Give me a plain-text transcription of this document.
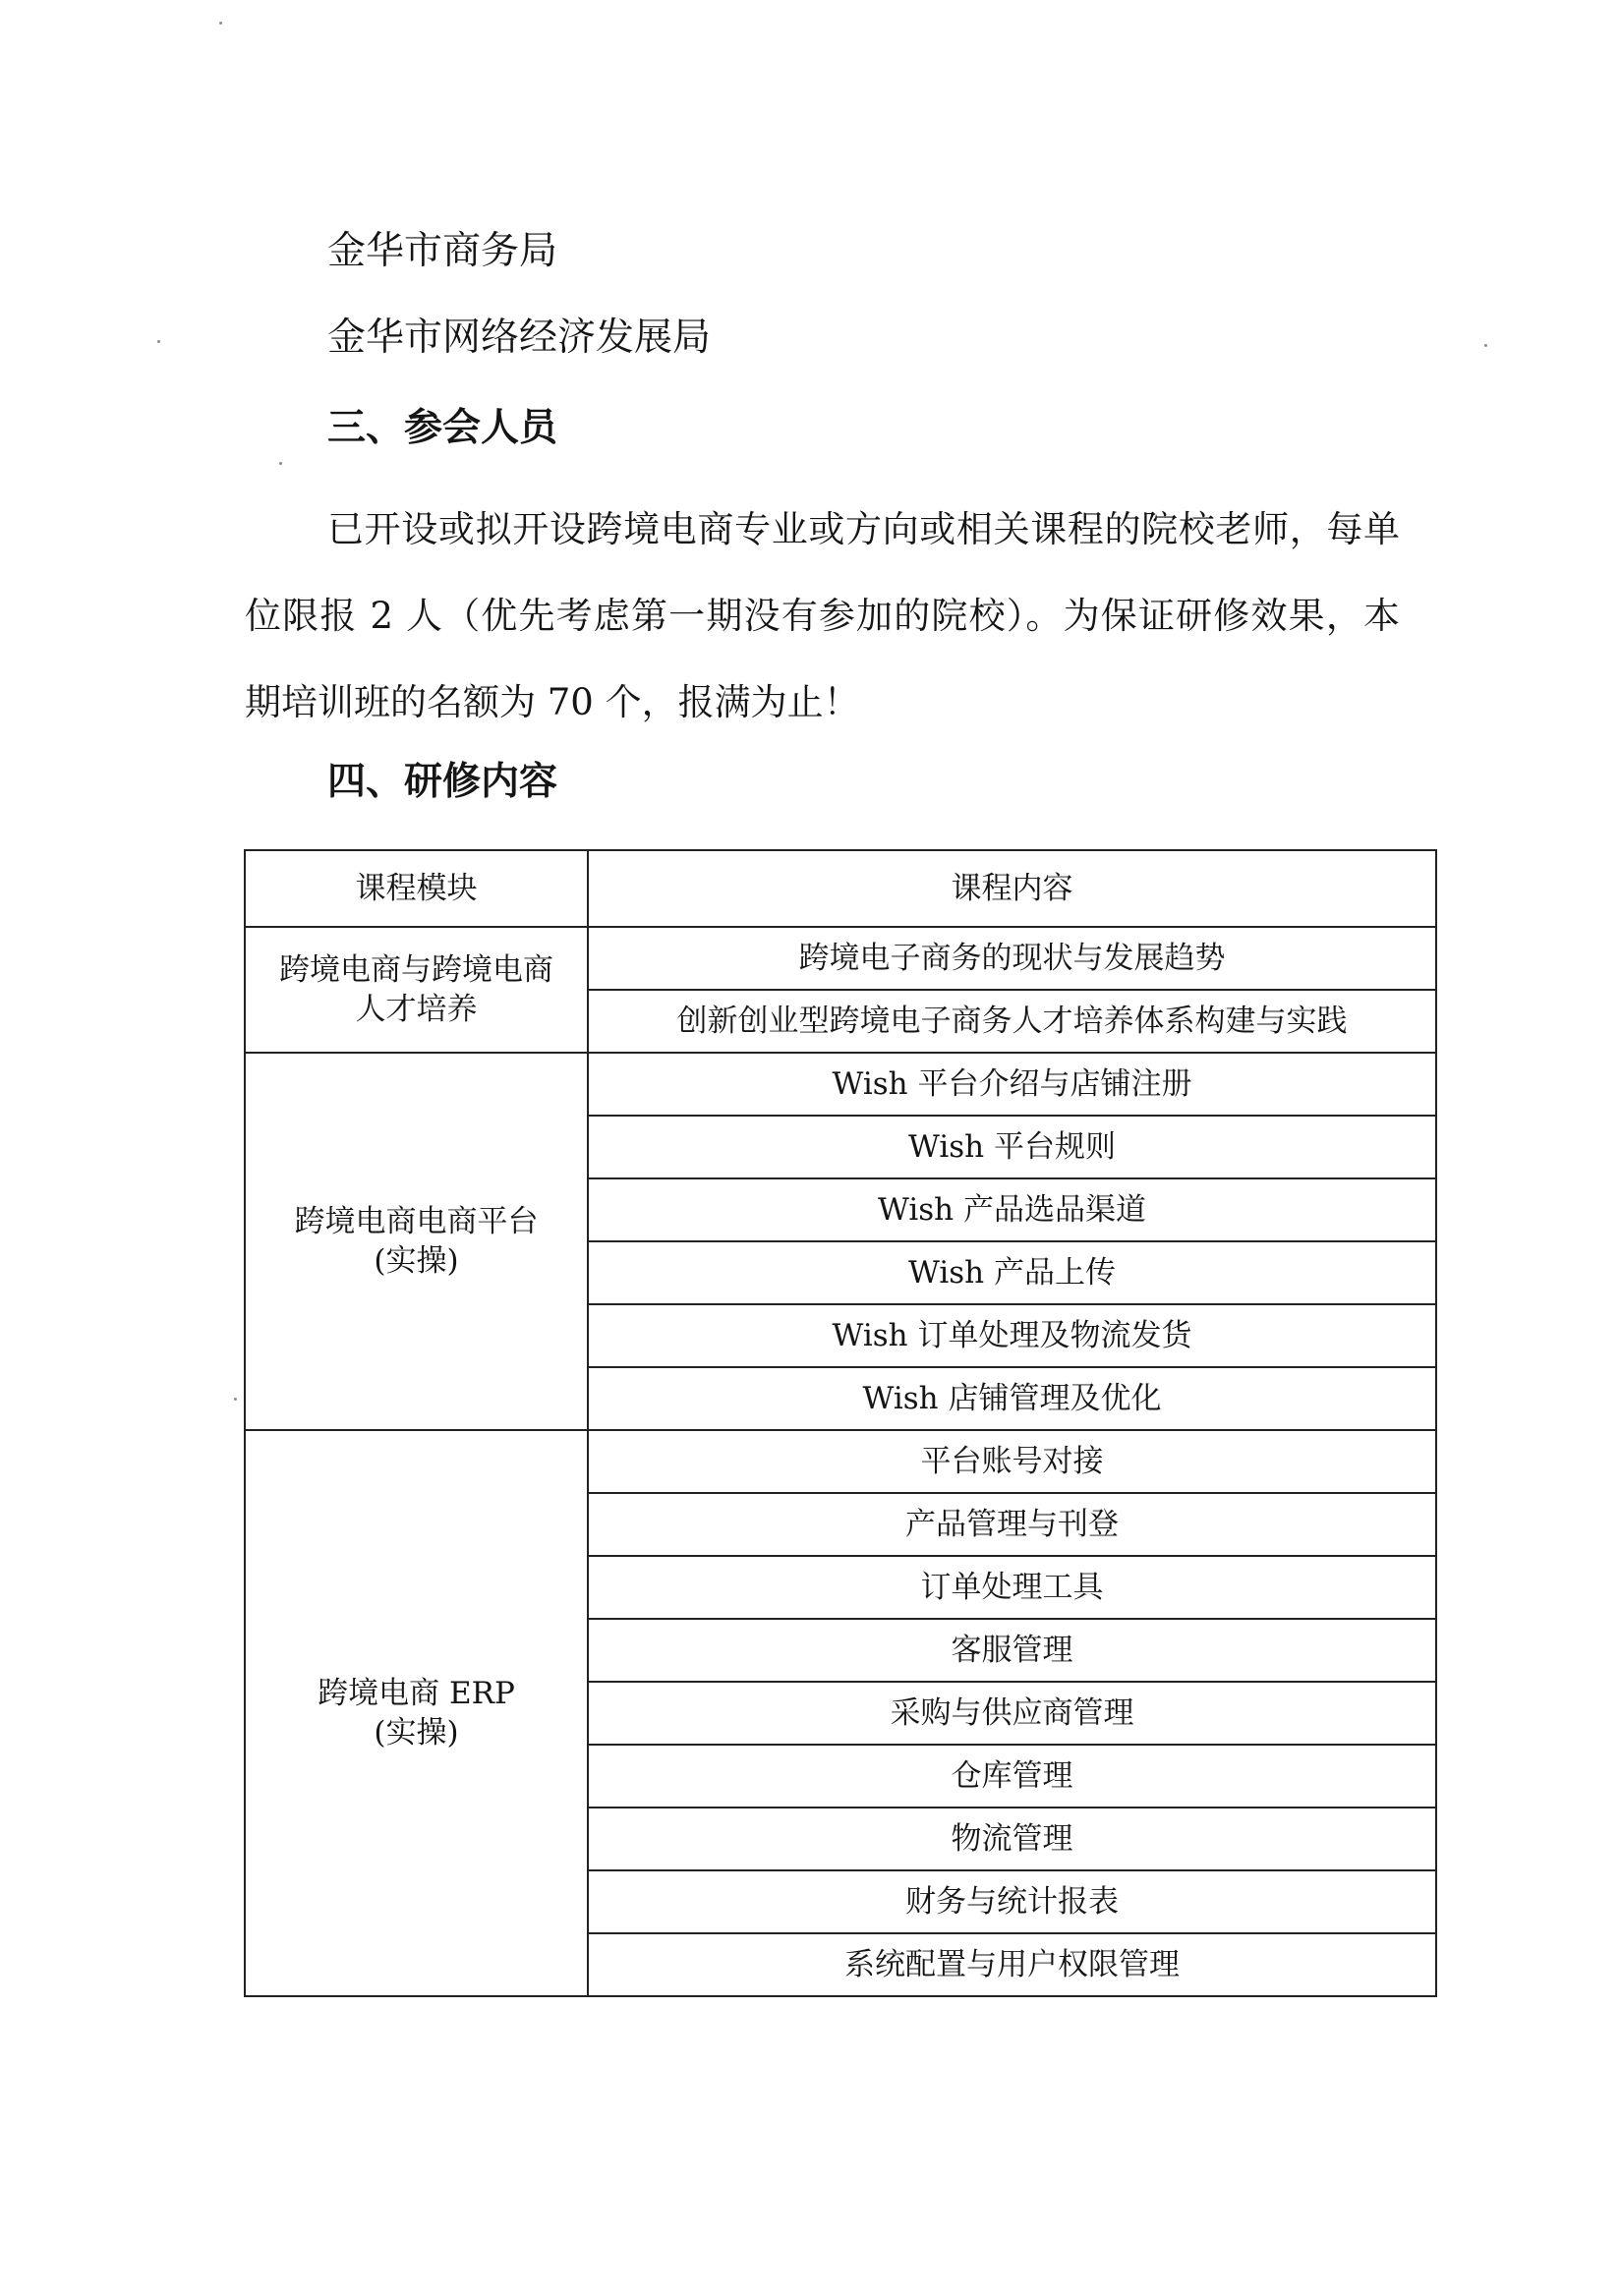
金华市商务局
金华市网络经济发展局
三、参会人员
已开设或拟开设跨境电商专业或方向或相关课程的院校老师，每单位限报 2 人（优先考虑第一期没有参加的院校）。为保证研修效果，本期培训班的名额为 70 个，报满为止！
四、研修内容
课程模块	课程内容

跨境电商与跨境电商
人才培养	跨境电子商务的现状与发展趋势
	创新创业型跨境电子商务人才培养体系构建与实践

跨境电商电商平台
(实操)	Wish 平台介绍与店铺注册
	Wish 平台规则
	Wish 产品选品渠道
	Wish 产品上传
	Wish 订单处理及物流发货
	Wish 店铺管理及优化

跨境电商 ERP
(实操)	平台账号对接
	产品管理与刊登
	订单处理工具
	客服管理
	采购与供应商管理
	仓库管理
	物流管理
	财务与统计报表
	系统配置与用户权限管理
